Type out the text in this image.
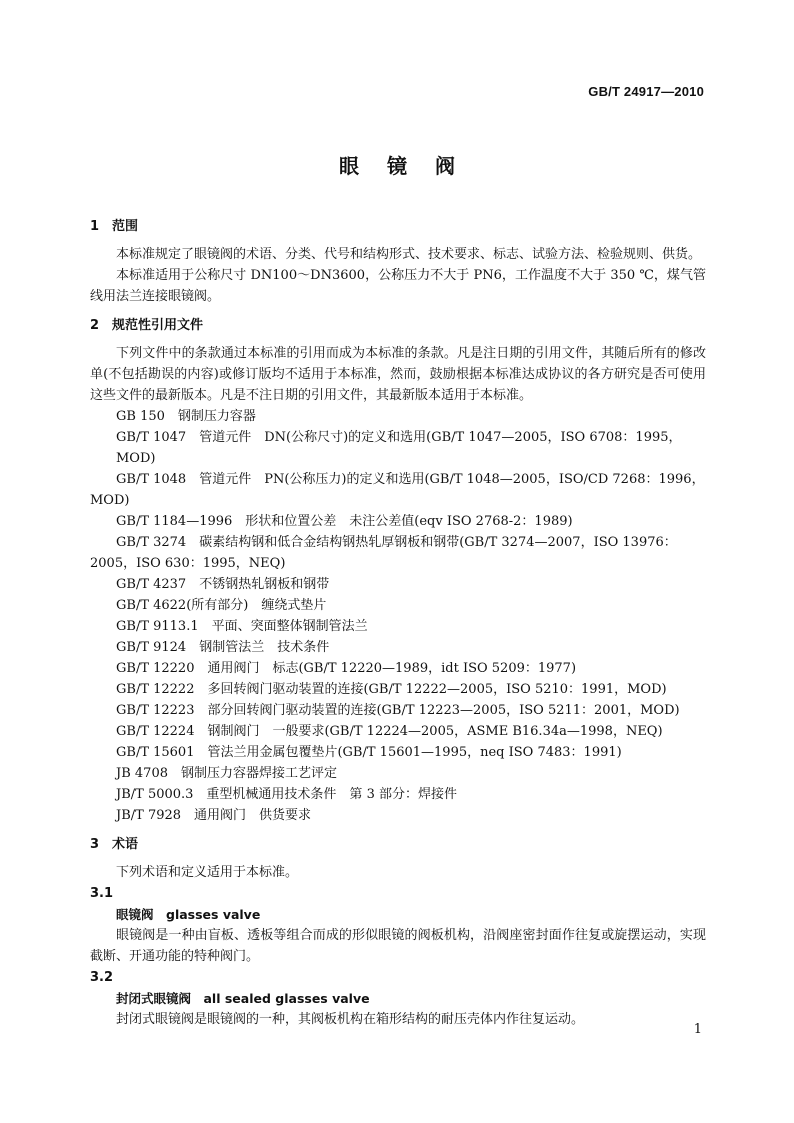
GB/T 24917—2010
眼镜阀
1 范围

本标准规定了眼镜阀的术语、分类、代号和结构形式、技术要求、标志、试验方法、检验规则、供货。

本标准适用于公称尺寸 DN100～DN3600，公称压力不大于 PN6，工作温度不大于 350 ℃，煤气管线用法兰连接眼镜阀。

2 规范性引用文件

下列文件中的条款通过本标准的引用而成为本标准的条款。凡是注日期的引用文件，其随后所有的修改单(不包括勘误的内容)或修订版均不适用于本标准，然而，鼓励根据本标准达成协议的各方研究是否可使用这些文件的最新版本。凡是不注日期的引用文件，其最新版本适用于本标准。

GB 150　钢制压力容器

GB/T 1047　管道元件　DN(公称尺寸)的定义和选用(GB/T 1047—2005，ISO 6708：1995，MOD)

GB/T 1048　管道元件　PN(公称压力)的定义和选用(GB/T 1048—2005，ISO/CD 7268：1996，MOD)

GB/T 1184—1996　形状和位置公差　未注公差值(eqv ISO 2768-2：1989)

GB/T 3274　碳素结构钢和低合金结构钢热轧厚钢板和钢带(GB/T 3274—2007，ISO 13976：2005，ISO 630：1995，NEQ)

GB/T 4237　不锈钢热轧钢板和钢带

GB/T 4622(所有部分)　缠绕式垫片

GB/T 9113.1　平面、突面整体钢制管法兰

GB/T 9124　钢制管法兰　技术条件

GB/T 12220　通用阀门　标志(GB/T 12220—1989，idt ISO 5209：1977)

GB/T 12222　多回转阀门驱动装置的连接(GB/T 12222—2005，ISO 5210：1991，MOD)

GB/T 12223　部分回转阀门驱动装置的连接(GB/T 12223—2005，ISO 5211：2001，MOD)

GB/T 12224　钢制阀门　一般要求(GB/T 12224—2005，ASME B16.34a—1998，NEQ)

GB/T 15601　管法兰用金属包覆垫片(GB/T 15601—1995，neq ISO 7483：1991)

JB 4708　钢制压力容器焊接工艺评定

JB/T 5000.3　重型机械通用技术条件　第 3 部分：焊接件

JB/T 7928　通用阀门　供货要求

3 术语

下列术语和定义适用于本标准。

3.1

眼镜阀　glasses valve

眼镜阀是一种由盲板、透板等组合而成的形似眼镜的阀板机构，沿阀座密封面作往复或旋摆运动，实现截断、开通功能的特种阀门。

3.2

封闭式眼镜阀　all sealed glasses valve

封闭式眼镜阀是眼镜阀的一种，其阀板机构在箱形结构的耐压壳体内作往复运动。

1
